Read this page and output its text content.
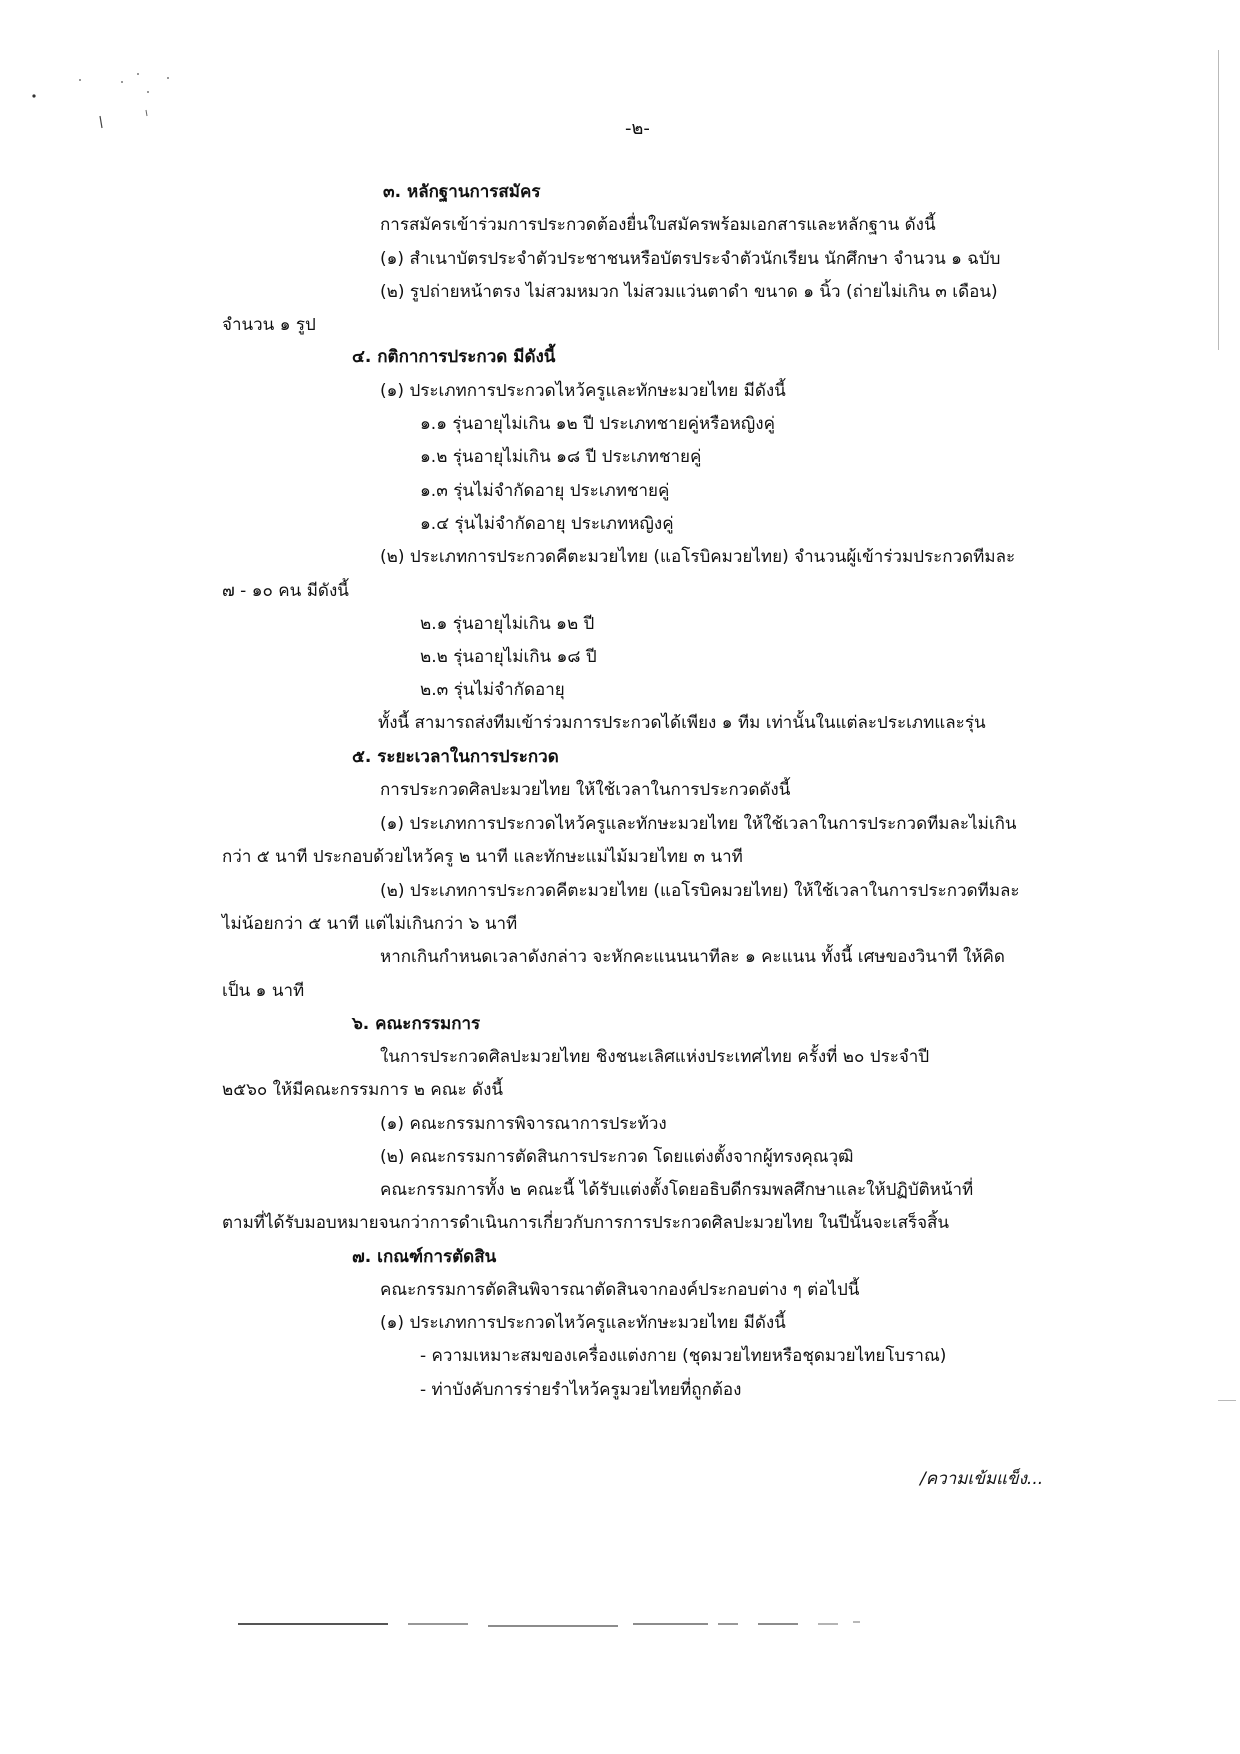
-๒-
๓. หลักฐานการสมัคร
การสมัครเข้าร่วมการประกวดต้องยื่นใบสมัครพร้อมเอกสารและหลักฐาน ดังนี้
(๑) สำเนาบัตรประจำตัวประชาชนหรือบัตรประจำตัวนักเรียน นักศึกษา จำนวน ๑ ฉบับ
(๒) รูปถ่ายหน้าตรง ไม่สวมหมวก ไม่สวมแว่นตาดำ ขนาด ๑ นิ้ว (ถ่ายไม่เกิน ๓ เดือน)
จำนวน ๑ รูป
๔. กติกาการประกวด มีดังนี้
(๑) ประเภทการประกวดไหว้ครูและทักษะมวยไทย มีดังนี้
๑.๑ รุ่นอายุไม่เกิน ๑๒ ปี ประเภทชายคู่หรือหญิงคู่
๑.๒ รุ่นอายุไม่เกิน ๑๘ ปี ประเภทชายคู่
๑.๓ รุ่นไม่จำกัดอายุ ประเภทชายคู่
๑.๔ รุ่นไม่จำกัดอายุ ประเภทหญิงคู่
(๒) ประเภทการประกวดคีตะมวยไทย (แอโรบิคมวยไทย) จำนวนผู้เข้าร่วมประกวดทีมละ
๗ - ๑๐ คน มีดังนี้
๒.๑ รุ่นอายุไม่เกิน ๑๒ ปี
๒.๒ รุ่นอายุไม่เกิน ๑๘ ปี
๒.๓ รุ่นไม่จำกัดอายุ
ทั้งนี้ สามารถส่งทีมเข้าร่วมการประกวดได้เพียง ๑ ทีม เท่านั้นในแต่ละประเภทและรุ่น
๕. ระยะเวลาในการประกวด
การประกวดศิลปะมวยไทย ให้ใช้เวลาในการประกวดดังนี้
(๑) ประเภทการประกวดไหว้ครูและทักษะมวยไทย ให้ใช้เวลาในการประกวดทีมละไม่เกิน
กว่า ๕ นาที ประกอบด้วยไหว้ครู ๒ นาที และทักษะแม่ไม้มวยไทย ๓ นาที
(๒) ประเภทการประกวดคีตะมวยไทย (แอโรบิคมวยไทย) ให้ใช้เวลาในการประกวดทีมละ
ไม่น้อยกว่า ๕ นาที แต่ไม่เกินกว่า ๖ นาที
หากเกินกำหนดเวลาดังกล่าว จะหักคะแนนนาทีละ ๑ คะแนน ทั้งนี้ เศษของวินาที ให้คิด
เป็น ๑ นาที
๖. คณะกรรมการ
ในการประกวดศิลปะมวยไทย ชิงชนะเลิศแห่งประเทศไทย ครั้งที่ ๒๐ ประจำปี
๒๕๖๐ ให้มีคณะกรรมการ ๒ คณะ ดังนี้
(๑) คณะกรรมการพิจารณาการประท้วง
(๒) คณะกรรมการตัดสินการประกวด โดยแต่งตั้งจากผู้ทรงคุณวุฒิ
คณะกรรมการทั้ง ๒ คณะนี้ ได้รับแต่งตั้งโดยอธิบดีกรมพลศึกษาและให้ปฏิบัติหน้าที่
ตามที่ได้รับมอบหมายจนกว่าการดำเนินการเกี่ยวกับการการประกวดศิลปะมวยไทย ในปีนั้นจะเสร็จสิ้น
๗. เกณฑ์การตัดสิน
คณะกรรมการตัดสินพิจารณาตัดสินจากองค์ประกอบต่าง ๆ ต่อไปนี้
(๑) ประเภทการประกวดไหว้ครูและทักษะมวยไทย มีดังนี้
- ความเหมาะสมของเครื่องแต่งกาย (ชุดมวยไทยหรือชุดมวยไทยโบราณ)
- ท่าบังคับการร่ายรำไหว้ครูมวยไทยที่ถูกต้อง
/ความเข้มแข็ง...
